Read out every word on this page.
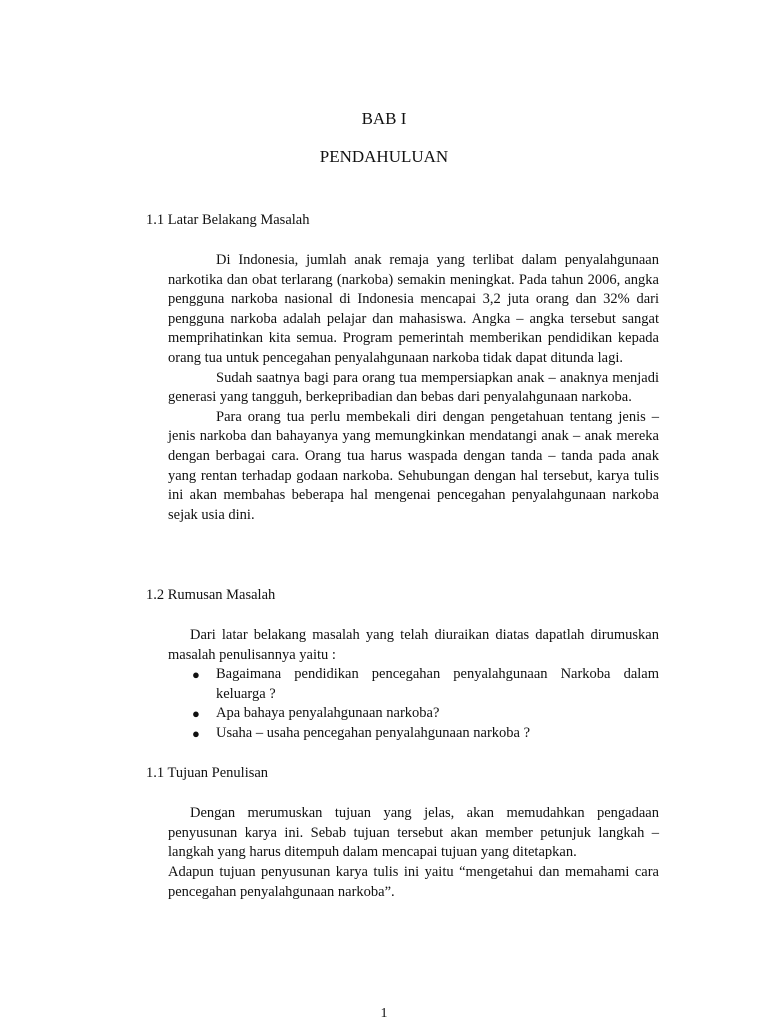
BAB I
PENDAHULUAN
1.1 Latar Belakang Masalah

Di Indonesia, jumlah anak remaja yang terlibat dalam penyalahgunaan narkotika dan obat terlarang (narkoba) semakin meningkat. Pada tahun 2006, angka pengguna narkoba nasional di Indonesia mencapai 3,2 juta orang dan 32% dari pengguna narkoba adalah pelajar dan mahasiswa. Angka – angka tersebut sangat memprihatinkan kita semua. Program pemerintah memberikan pendidikan kepada orang tua untuk pencegahan penyalahgunaan narkoba tidak dapat ditunda lagi.

Sudah saatnya bagi para orang tua mempersiapkan anak – anaknya menjadi generasi yang tangguh, berkepribadian dan bebas dari penyalahgunaan narkoba.

Para orang tua perlu membekali diri dengan pengetahuan tentang jenis – jenis narkoba dan bahayanya yang memungkinkan mendatangi anak – anak mereka dengan berbagai cara. Orang tua harus waspada dengan tanda – tanda pada anak yang rentan terhadap godaan narkoba. Sehubungan dengan hal tersebut, karya tulis ini akan membahas beberapa hal mengenai pencegahan penyalahgunaan narkoba sejak usia dini.

1.2 Rumusan Masalah

Dari latar belakang masalah yang telah diuraikan diatas dapatlah dirumuskan masalah penulisannya yaitu :

● Bagaimana pendidikan pencegahan penyalahgunaan Narkoba dalam keluarga ?
● Apa bahaya penyalahgunaan narkoba?
● Usaha – usaha pencegahan penyalahgunaan narkoba ?
1.1 Tujuan Penulisan

Dengan merumuskan tujuan yang jelas, akan memudahkan pengadaan penyusunan karya ini. Sebab tujuan tersebut akan member petunjuk langkah – langkah yang harus ditempuh dalam mencapai tujuan yang ditetapkan.

Adapun tujuan penyusunan karya tulis ini yaitu “mengetahui dan memahami cara pencegahan penyalahgunaan narkoba”.

1
